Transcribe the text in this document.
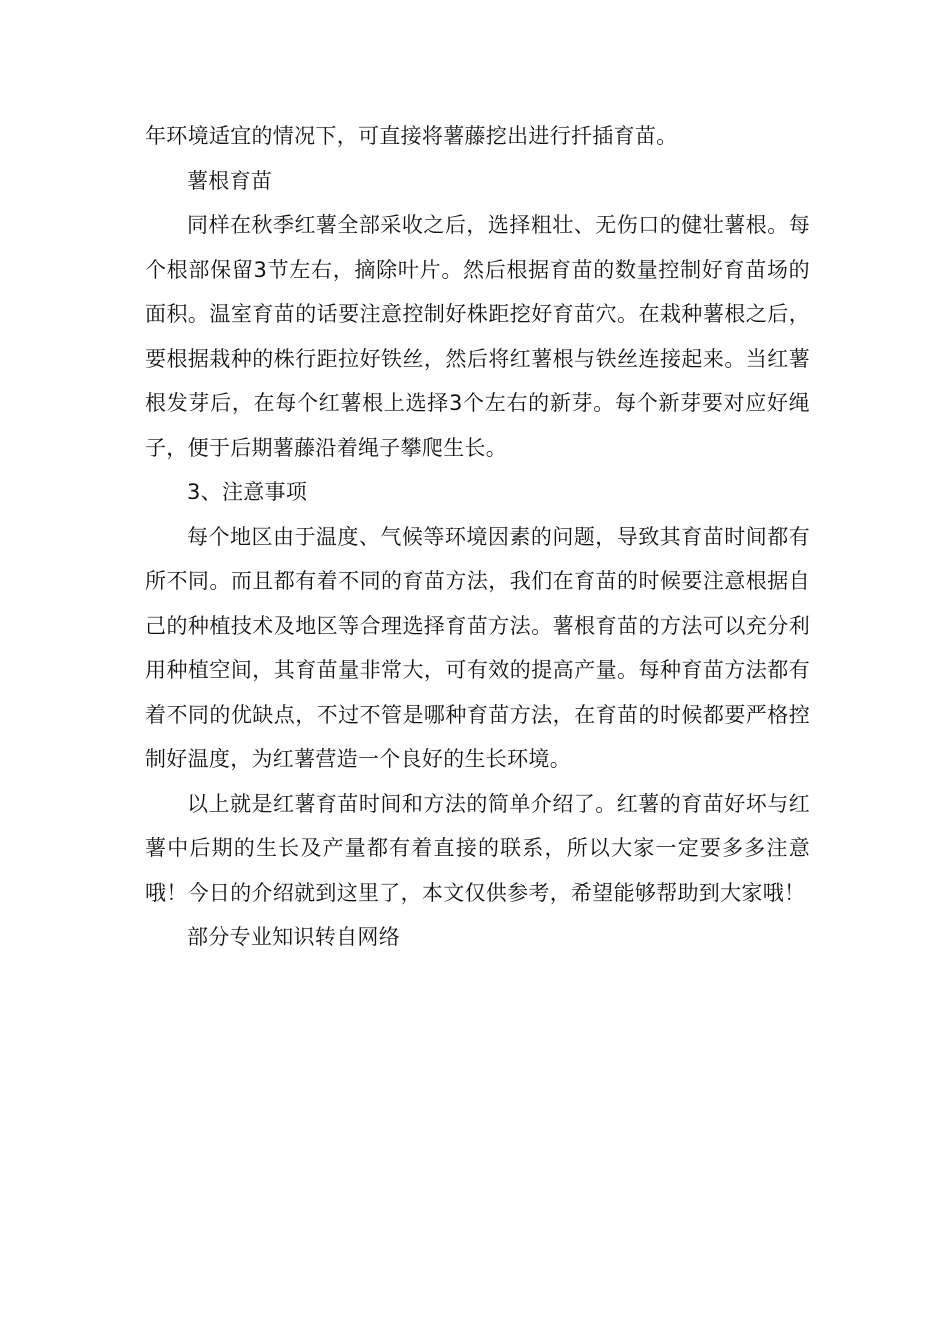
年环境适宜的情况下，可直接将薯藤挖出进行扦插育苗。

薯根育苗

同样在秋季红薯全部采收之后，选择粗壮、无伤口的健壮薯根。每个根部保留3节左右，摘除叶片。然后根据育苗的数量控制好育苗场的面积。温室育苗的话要注意控制好株距挖好育苗穴。在栽种薯根之后，要根据栽种的株行距拉好铁丝，然后将红薯根与铁丝连接起来。当红薯根发芽后，在每个红薯根上选择3个左右的新芽。每个新芽要对应好绳子，便于后期薯藤沿着绳子攀爬生长。

3、注意事项

每个地区由于温度、气候等环境因素的问题，导致其育苗时间都有所不同。而且都有着不同的育苗方法，我们在育苗的时候要注意根据自己的种植技术及地区等合理选择育苗方法。薯根育苗的方法可以充分利用种植空间，其育苗量非常大，可有效的提高产量。每种育苗方法都有着不同的优缺点，不过不管是哪种育苗方法，在育苗的时候都要严格控制好温度，为红薯营造一个良好的生长环境。

以上就是红薯育苗时间和方法的简单介绍了。红薯的育苗好坏与红薯中后期的生长及产量都有着直接的联系，所以大家一定要多多注意哦！今日的介绍就到这里了，本文仅供参考，希望能够帮助到大家哦！

部分专业知识转自网络
